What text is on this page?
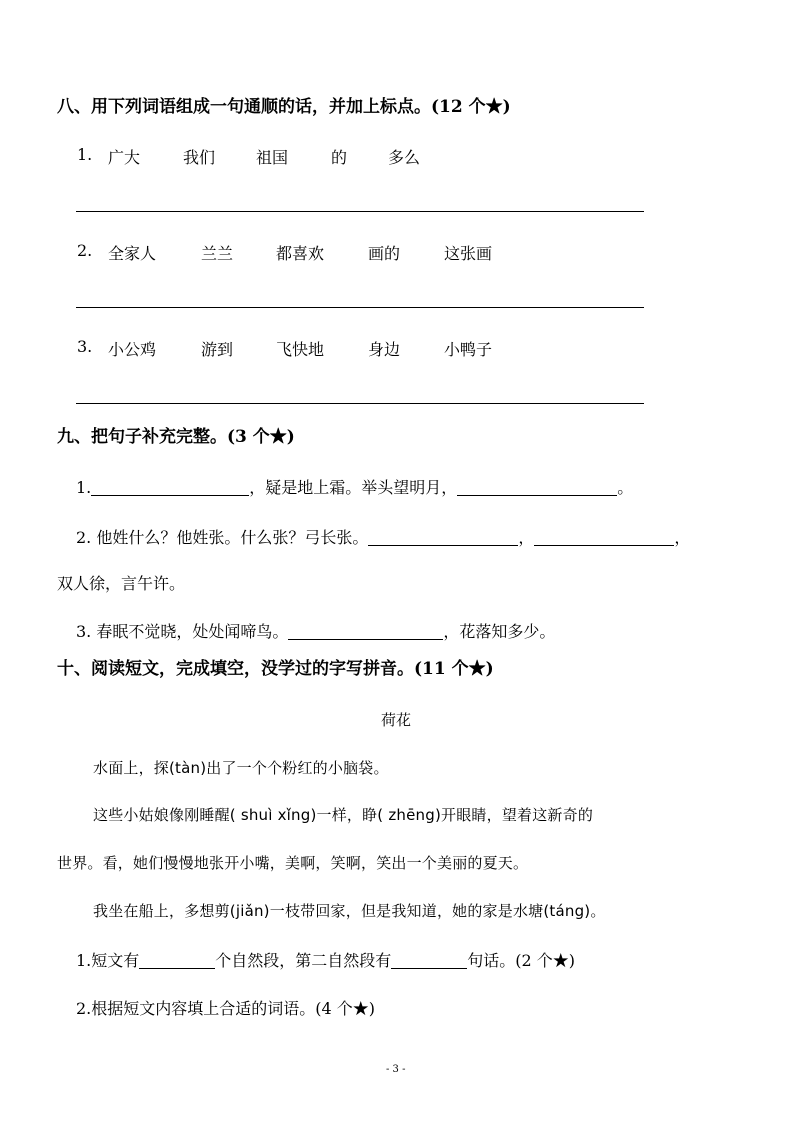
八、用下列词语组成一句通顺的话，并加上标点。(12 个★)
1. 广大	我们	祖国	的	多么
2. 全家人	兰兰	都喜欢	画的	这张画
3. 小公鸡	游到	飞快地	身边	小鸭子
九、把句子补充完整。(3 个★)
1.	，疑是地上霜。举头望明月，	。
2. 他姓什么？他姓张。什么张？弓长张。	，	，
双人徐，言午许。
3. 春眠不觉晓，处处闻啼鸟。	，花落知多少。
十、阅读短文，完成填空，没学过的字写拼音。(11 个★)
荷花
水面上，探(tàn)出了一个个粉红的小脑袋。
这些小姑娘像刚睡醒( shuì xǐng)一样，睁( zhēng)开眼睛，望着这新奇的
世界。看，她们慢慢地张开小嘴，美啊，笑啊，笑出一个美丽的夏天。
我坐在船上，多想剪(jiǎn)一枝带回家，但是我知道，她的家是水塘(táng)。
1.短文有	个自然段，第二自然段有	句话。(2 个★)
2.根据短文内容填上合适的词语。(4 个★)
- 3 -
